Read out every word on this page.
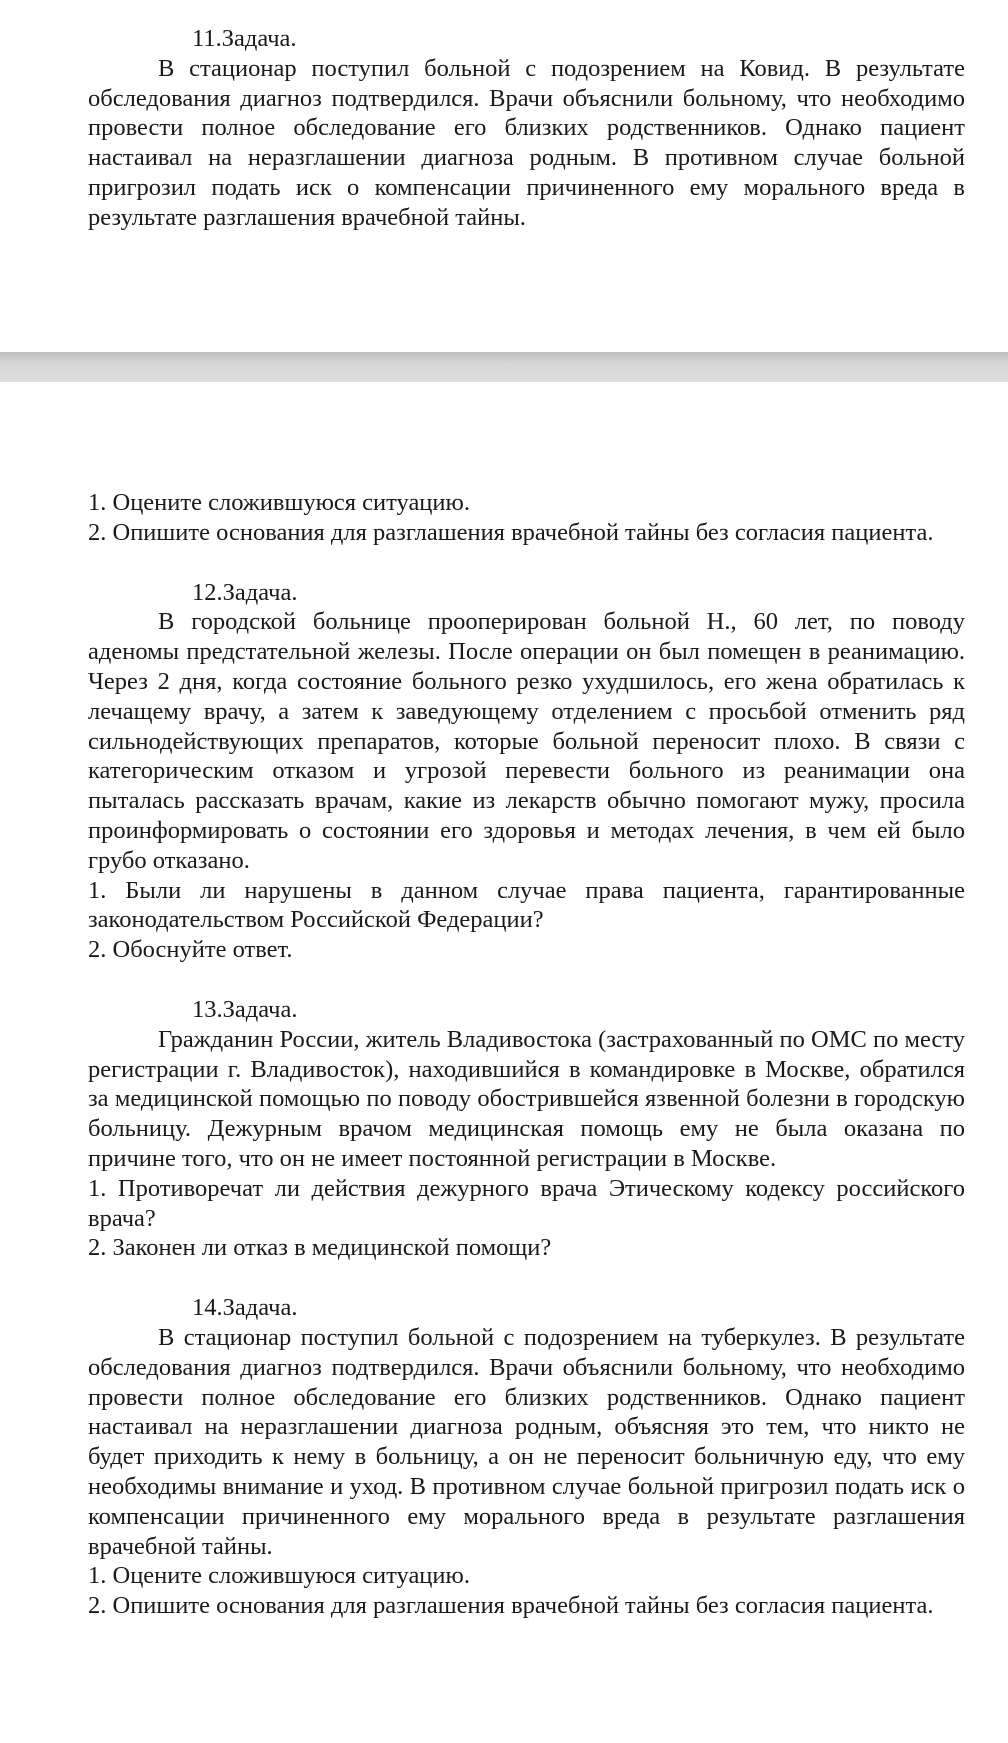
11.Задача.

В стационар поступил больной с подозрением на Ковид. В результате обследования диагноз подтвердился. Врачи объяснили больному, что необходимо провести полное обследование его близких родственников. Однако пациент настаивал на неразглашении диагноза родным. В противном случае больной пригрозил подать иск о компенсации причиненного ему морального вреда в результате разглашения врачебной тайны.

1. Оцените сложившуюся ситуацию.

2. Опишите основания для разглашения врачебной тайны без согласия пациента.

12.Задача.

В городской больнице прооперирован больной Н., 60 лет, по поводу аденомы предстательной железы. После операции он был помещен в реанимацию. Через 2 дня, когда состояние больного резко ухудшилось, его жена обратилась к лечащему врачу, а затем к заведующему отделением с просьбой отменить ряд сильнодействующих препаратов, которые больной переносит плохо. В связи с категорическим отказом и угрозой перевести больного из реанимации она пыталась рассказать врачам, какие из лекарств обычно помогают мужу, просила проинформировать о состоянии его здоровья и методах лечения, в чем ей было грубо отказано.

1. Были ли нарушены в данном случае права пациента, гарантированные законодательством Российской Федерации?

2. Обоснуйте ответ.

13.Задача.

Гражданин России, житель Владивостока (застрахованный по ОМС по месту регистрации г. Владивосток), находившийся в командировке в Москве, обратился за медицинской помощью по поводу обострившейся язвенной болезни в городскую больницу. Дежурным врачом медицинская помощь ему не была оказана по причине того, что он не имеет постоянной регистрации в Москве.

1. Противоречат ли действия дежурного врача Этическому кодексу российского врача?

2. Законен ли отказ в медицинской помощи?

14.Задача.

В стационар поступил больной с подозрением на туберкулез. В результате обследования диагноз подтвердился. Врачи объяснили больному, что необходимо провести полное обследование его близких родственников. Однако пациент настаивал на неразглашении диагноза родным, объясняя это тем, что никто не будет приходить к нему в больницу, а он не переносит больничную еду, что ему необходимы внимание и уход. В противном случае больной пригрозил подать иск о компенсации причиненного ему морального вреда в результате разглашения врачебной тайны.

1. Оцените сложившуюся ситуацию.

2. Опишите основания для разглашения врачебной тайны без согласия пациента.
